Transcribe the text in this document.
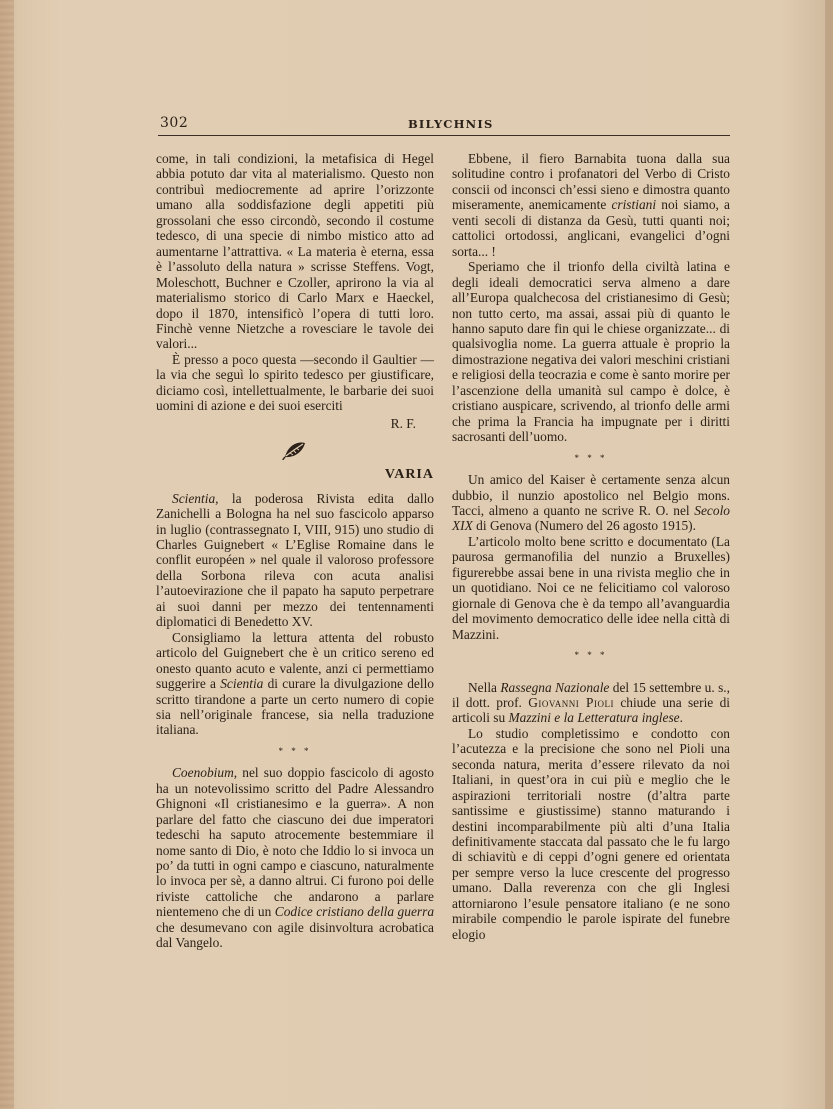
302	BILYCHNIS

come, in tali condizioni, la metafisica di Hegel abbia potuto dar vita al materialismo. Questo non contribuì mediocremente ad aprire l’orizzonte umano alla soddisfazione degli appetiti più grossolani che esso circondò, secondo il costume tedesco, di una specie di nimbo mistico atto ad aumentarne l’attrattiva. « La materia è eterna, essa è l’assoluto della natura » scrisse Steffens. Vogt, Moleschott, Buchner e Czoller, aprirono la via al materialismo storico di Carlo Marx e Haeckel, dopo il 1870, intensificò l’opera di tutti loro. Finchè venne Nietzche a rovesciare le tavole dei valori...

È presso a poco questa —secondo il Gaultier — la via che seguì lo spirito tedesco per giustificare, diciamo così, intellettualmente, le barbarie dei suoi uomini di azione e dei suoi eserciti

R. F.
VARIA

Scientia, la poderosa Rivista edita dallo Zanichelli a Bologna ha nel suo fascicolo apparso in luglio (contrassegnato I, VIII, 915) uno studio di Charles Guignebert « L’Eglise Romaine dans le conflit européen » nel quale il valoroso professore della Sorbona rileva con acuta analisi l’autoevirazione che il papato ha saputo perpetrare ai suoi danni per mezzo dei tentennamenti diplomatici di Benedetto XV.

Consigliamo la lettura attenta del robusto articolo del Guignebert che è un critico sereno ed onesto quanto acuto e valente, anzi ci permettiamo suggerire a Scientia di curare la divulgazione dello scritto tirandone a parte un certo numero di copie sia nell’originale francese, sia nella traduzione italiana.

* * *

Coenobium, nel suo doppio fascicolo di agosto ha un notevolissimo scritto del Padre Alessandro Ghignoni «Il cristianesimo e la guerra». A non parlare del fatto che ciascuno dei due imperatori tedeschi ha saputo atrocemente bestemmiare il nome santo di Dio, è noto che Iddio lo si invoca un po’ da tutti in ogni campo e ciascuno, naturalmente lo invoca per sè, a danno altrui. Ci furono poi delle riviste cattoliche che andarono a parlare nientemeno che di un Codice cristiano della guerra che desumevano con agile disinvoltura acrobatica dal Vangelo.

Ebbene, il fiero Barnabita tuona dalla sua solitudine contro i profanatori del Verbo di Cristo conscii od inconsci ch’essi sieno e dimostra quanto miseramente, anemicamente cristiani noi siamo, a venti secoli di distanza da Gesù, tutti quanti noi; cattolici ortodossi, anglicani, evangelici d’ogni sorta... !

Speriamo che il trionfo della civiltà latina e degli ideali democratici serva almeno a dare all’Europa qualchecosa del cristianesimo di Gesù; non tutto certo, ma assai, assai più di quanto le hanno saputo dare fin qui le chiese organizzate... di qualsivoglia nome. La guerra attuale è proprio la dimostrazione negativa dei valori meschini cristiani e religiosi della teocrazia e come è santo morire per l’ascenzione della umanità sul campo è dolce, è cristiano auspicare, scrivendo, al trionfo delle armi che prima la Francia ha impugnate per i diritti sacrosanti dell’uomo.

* * *

Un amico del Kaiser è certamente senza alcun dubbio, il nunzio apostolico nel Belgio mons. Tacci, almeno a quanto ne scrive R. O. nel Secolo XIX di Genova (Numero del 26 agosto 1915).

L’articolo molto bene scritto e documentato (La paurosa germanofilia del nunzio a Bruxelles) figurerebbe assai bene in una rivista meglio che in un quotidiano. Noi ce ne felicitiamo col valoroso giornale di Genova che è da tempo all’avanguardia del movimento democratico delle idee nella città di Mazzini.

* * *

Nella Rassegna Nazionale del 15 settembre u. s., il dott. prof. Giovanni Pioli chiude una serie di articoli su Mazzini e la Letteratura inglese.

Lo studio completissimo e condotto con l’acutezza e la precisione che sono nel Pioli una seconda natura, merita d’essere rilevato da noi Italiani, in quest’ora in cui più e meglio che le aspirazioni territoriali nostre (d’altra parte santissime e giustissime) stanno maturando i destini incomparabilmente più alti d’una Italia definitivamente staccata dal passato che le fu largo di schiavitù e di ceppi d’ogni genere ed orientata per sempre verso la luce crescente del progresso umano. Dalla reverenza con che gli Inglesi attorniarono l’esule pensatore italiano (e ne sono mirabile compendio le parole ispirate del funebre elogio
